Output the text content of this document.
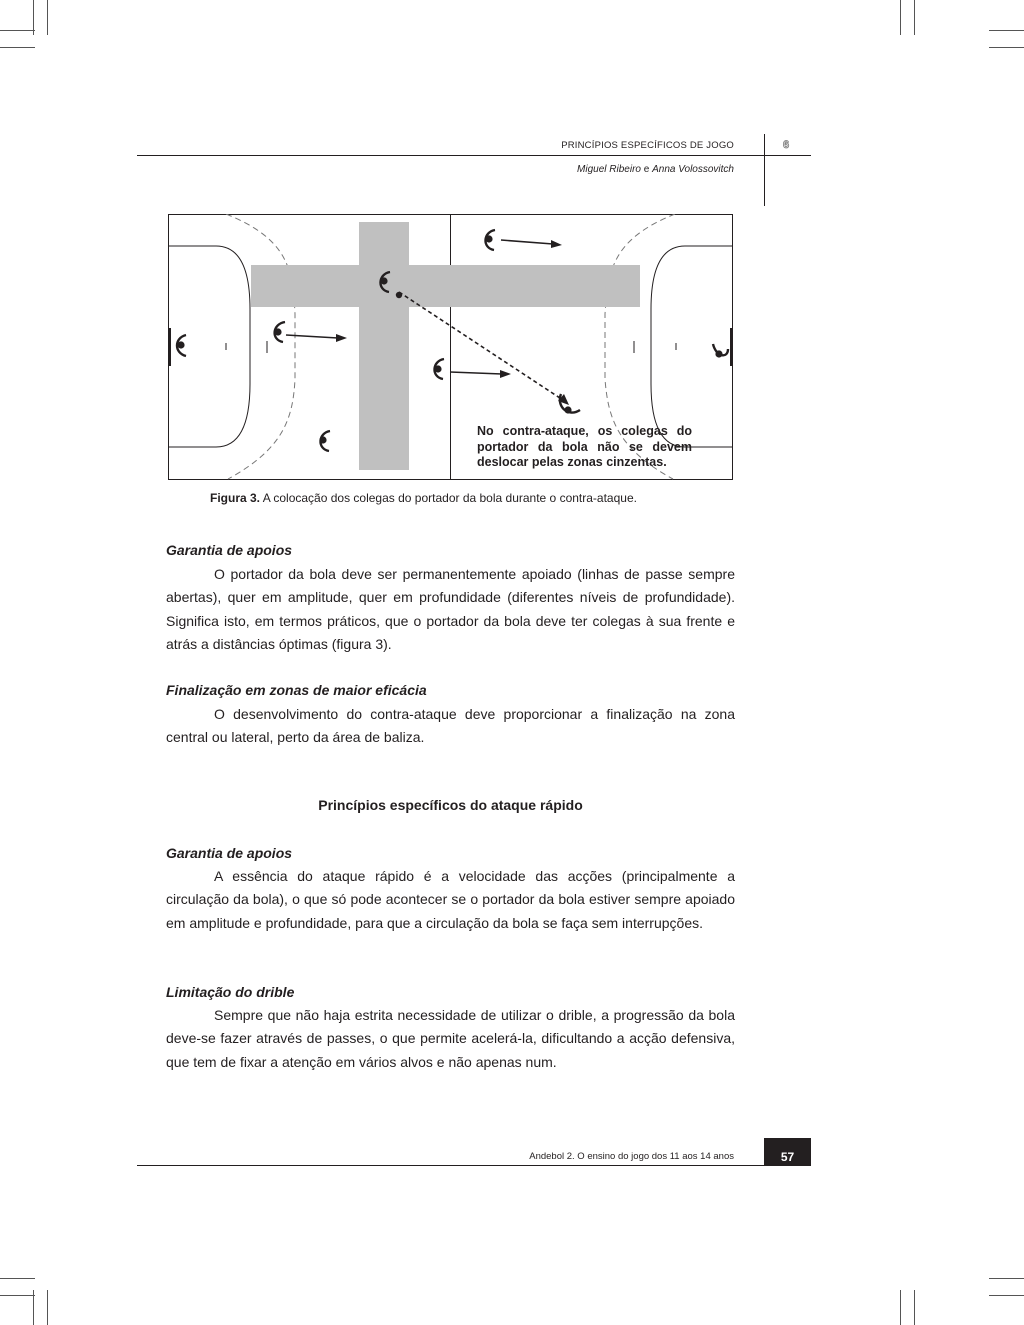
PRINCÍPIOS ESPECÍFICOS DE JOGO	6
Miguel Ribeiro e Anna Volossovitch
No contra-ataque, os colegas do portador da bola não se devem deslocar pelas zonas cinzentas.
Figura 3. A colocação dos colegas do portador da bola durante o contra-ataque.
Garantia de apoios

O portador da bola deve ser permanentemente apoiado (linhas de passe sempre abertas), quer em amplitude, quer em profundidade (diferentes níveis de profundidade). Significa isto, em termos práticos, que o portador da bola deve ter colegas à sua frente e atrás a distâncias óptimas (figura 3).

Finalização em zonas de maior eficácia

O desenvolvimento do contra-ataque deve proporcionar a finalização na zona central ou lateral, perto da área de baliza.

Princípios específicos do ataque rápido
Garantia de apoios

A essência do ataque rápido é a velocidade das acções (principalmente a circulação da bola), o que só pode acontecer se o portador da bola estiver sempre apoiado em amplitude e profundidade, para que a circulação da bola se faça sem interrupções.

Limitação do drible

Sempre que não haja estrita necessidade de utilizar o drible, a progressão da bola deve-se fazer através de passes, o que permite acelerá-la, dificultando a acção defensiva, que tem de fixar a atenção em vários alvos e não apenas num.

Andebol 2. O ensino do jogo dos 11 aos 14 anos	57
